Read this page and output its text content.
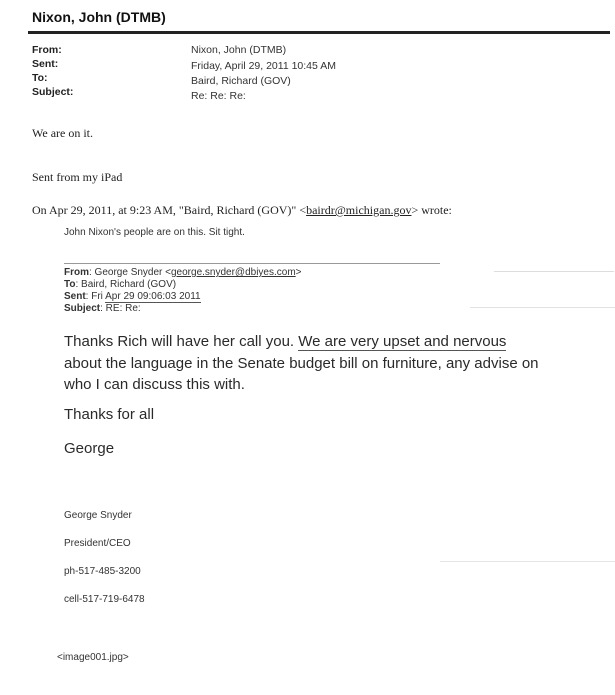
Nixon, John (DTMB)
From:	Nixon, John (DTMB)
Sent:	Friday, April 29, 2011 10:45 AM
To:	Baird, Richard (GOV)
Subject:	Re: Re: Re:
We are on it.
Sent from my iPad
On Apr 29, 2011, at 9:23 AM, "Baird, Richard (GOV)" <bairdr@michigan.gov> wrote:
John Nixon's people are on this. Sit tight.
From: George Snyder <george.snyder@dbiyes.com>
To: Baird, Richard (GOV)
Sent: Fri Apr 29 09:06:03 2011
Subject: RE: Re:
Thanks Rich will have her call you. We are very upset and nervous
about the language in the Senate budget bill on furniture, any advise on
who I can discuss this with.
Thanks for all
George
George Snyder
President/CEO
ph-517-485-3200
cell-517-719-6478
<image001.jpg>
